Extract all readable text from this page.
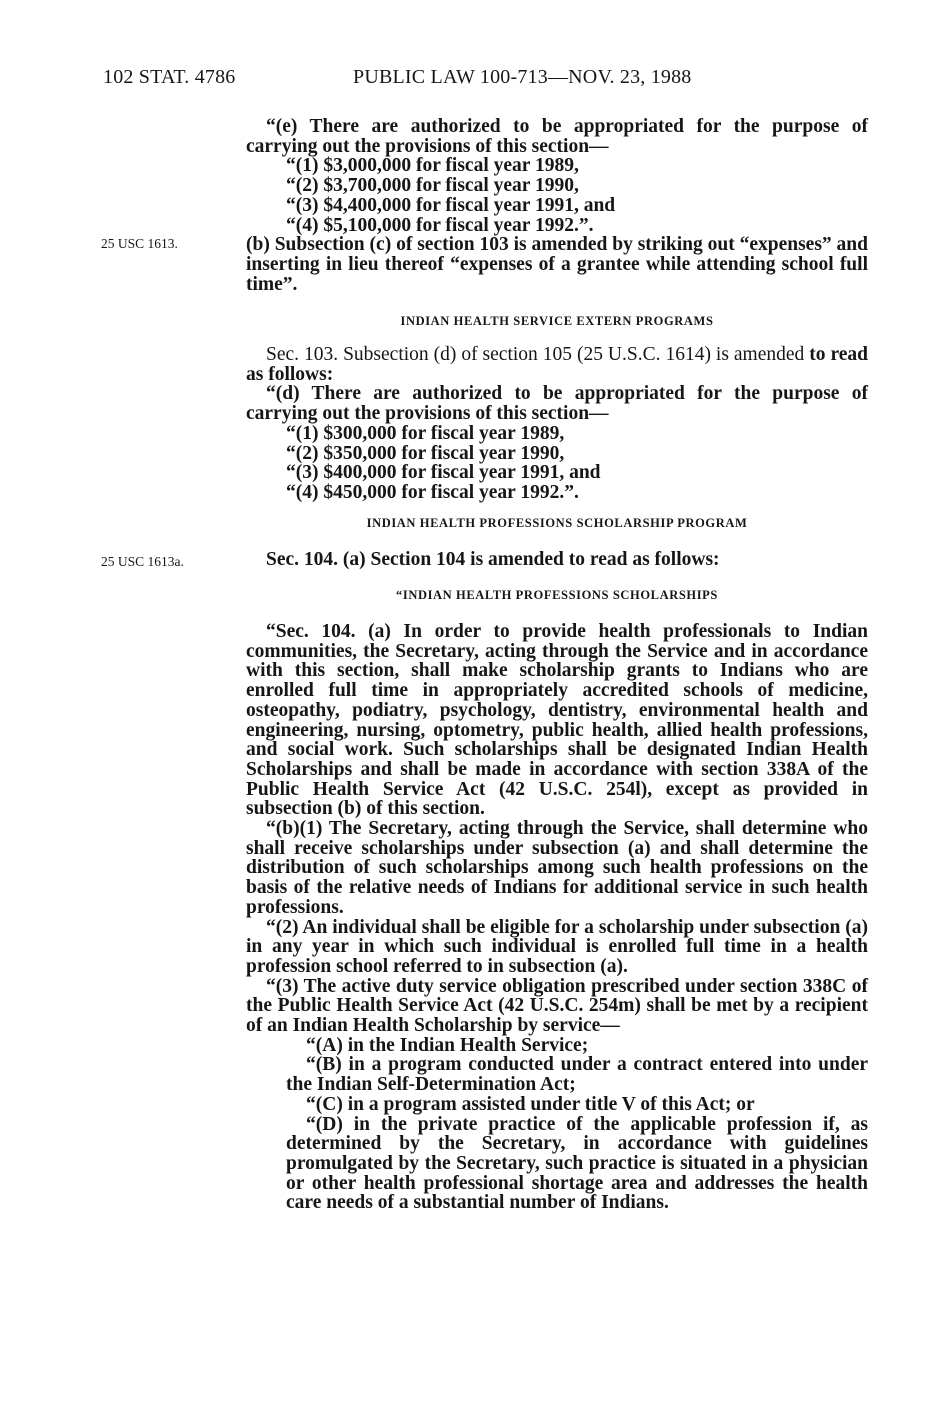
102 STAT. 4786	PUBLIC LAW 100-713—NOV. 23, 1988
25 USC 1613.
25 USC 1613a.

“(e) There are authorized to be appropriated for the purpose of carrying out the provisions of this section—

“(1) $3,000,000 for fiscal year 1989,

“(2) $3,700,000 for fiscal year 1990,

“(3) $4,400,000 for fiscal year 1991, and

“(4) $5,100,000 for fiscal year 1992.”.

(b) Subsection (c) of section 103 is amended by striking out “expenses” and inserting in lieu thereof “expenses of a grantee while attending school full time”.

INDIAN HEALTH SERVICE EXTERN PROGRAMS

Sec. 103. Subsection (d) of section 105 (25 U.S.C. 1614) is amended to read as follows:

“(d) There are authorized to be appropriated for the purpose of carrying out the provisions of this section—

“(1) $300,000 for fiscal year 1989,

“(2) $350,000 for fiscal year 1990,

“(3) $400,000 for fiscal year 1991, and

“(4) $450,000 for fiscal year 1992.”.

INDIAN HEALTH PROFESSIONS SCHOLARSHIP PROGRAM

Sec. 104. (a) Section 104 is amended to read as follows:

“INDIAN HEALTH PROFESSIONS SCHOLARSHIPS

“Sec. 104. (a) In order to provide health professionals to Indian communities, the Secretary, acting through the Service and in accordance with this section, shall make scholarship grants to Indians who are enrolled full time in appropriately accredited schools of medicine, osteopathy, podiatry, psychology, dentistry, environmental health and engineering, nursing, optometry, public health, allied health professions, and social work. Such scholarships shall be designated Indian Health Scholarships and shall be made in accordance with section 338A of the Public Health Service Act (42 U.S.C. 254l), except as provided in subsection (b) of this section.

“(b)(1) The Secretary, acting through the Service, shall determine who shall receive scholarships under subsection (a) and shall determine the distribution of such scholarships among such health professions on the basis of the relative needs of Indians for additional service in such health professions.

“(2) An individual shall be eligible for a scholarship under subsection (a) in any year in which such individual is enrolled full time in a health profession school referred to in subsection (a).

“(3) The active duty service obligation prescribed under section 338C of the Public Health Service Act (42 U.S.C. 254m) shall be met by a recipient of an Indian Health Scholarship by service—

“(A) in the Indian Health Service;

“(B) in a program conducted under a contract entered into under the Indian Self-Determination Act;

“(C) in a program assisted under title V of this Act; or

“(D) in the private practice of the applicable profession if, as determined by the Secretary, in accordance with guidelines promulgated by the Secretary, such practice is situated in a physician or other health professional shortage area and addresses the health care needs of a substantial number of Indians.
